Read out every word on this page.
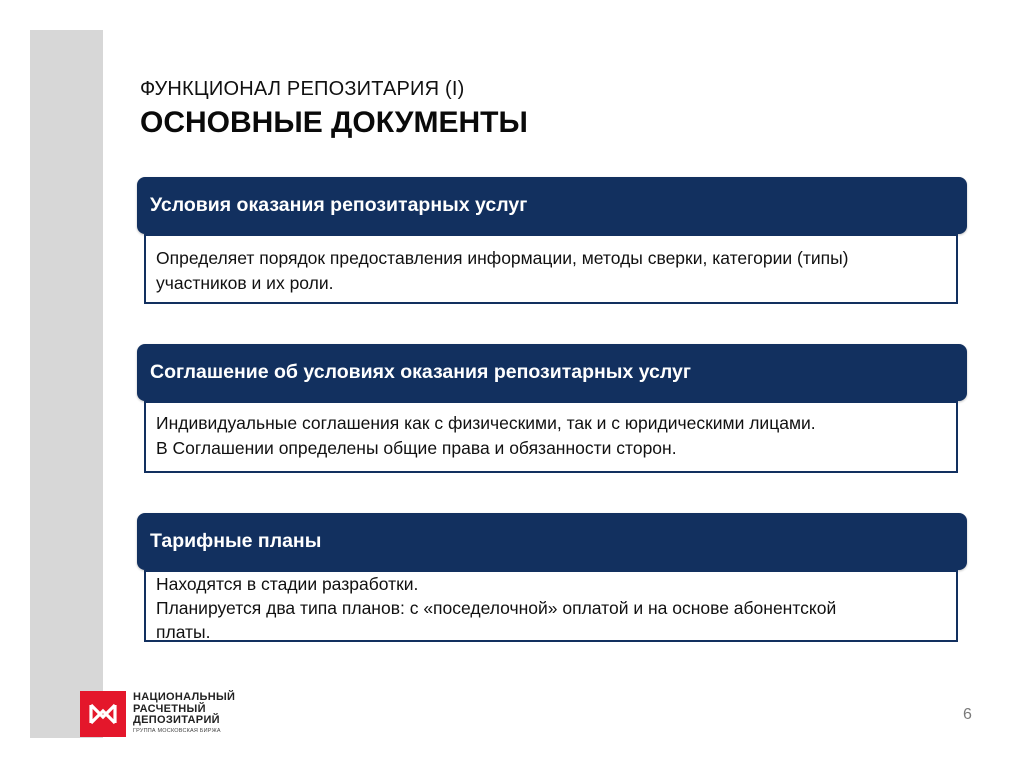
ФУНКЦИОНАЛ РЕПОЗИТАРИЯ (I)
ОСНОВНЫЕ ДОКУМЕНТЫ
Условия оказания репозитарных услуг

Определяет порядок предоставления информации, методы сверки, категории (типы)

участников и их роли.

Соглашение об условиях оказания репозитарных услуг

Индивидуальные соглашения как с физическими, так и с юридическими лицами.

В Соглашении определены общие права и обязанности сторон.

Тарифные планы

Находятся в стадии разработки.

Планируется два типа планов: с «поседелочной» оплатой и на основе абонентской

платы.

НАЦИОНАЛЬНЫЙ
РАСЧЕТНЫЙ
ДЕПОЗИТАРИЙ
ГРУППА МОСКОВСКАЯ БИРЖА
6
